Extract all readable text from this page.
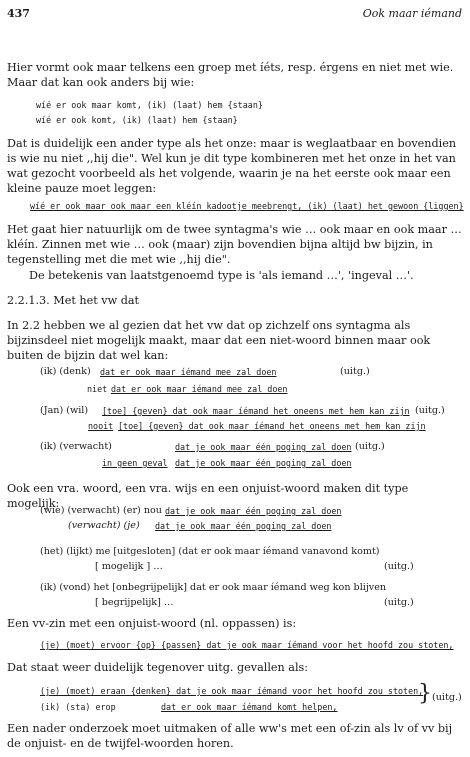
437	Ook maar iémand

Hier vormt ook maar telkens een groep met íéts, resp. érgens en niet met wie. Maar dat kan ook anders bij wie:

wíé er ook maar komt, (ik) (laat) hem {staan}
wíé er ook komt, (ik) (laat) hem {staan}

Dat is duidelijk een ander type als het onze: maar is weglaatbaar en bovendien is wie nu niet ,,hij die". Wel kun je dit type kombineren met het onze in het van wat gezocht voorbeeld als het volgende, waarin je na het eerste ook maar een kleine pauze moet leggen:

wíé er ook maar ook maar een kléín kadootje meebrengt, (ik) (laat) het gewoon {liggen}

Het gaat hier natuurlijk om de twee syntagma's wie … ook maar en ook maar … kléín. Zinnen met wie … ook (maar) zijn bovendien bijna altijd bw bijzin, in tegenstelling met die met wie ,,hij die".

De betekenis van laatstgenoemd type is 'als iemand …', 'ingeval …'.

2.2.1.3. Met het vw dat

In 2.2 hebben we al gezien dat het vw dat op zichzelf ons syntagma als bijzinsdeel niet mogelijk maakt, maar dat een niet-woord binnen maar ook buiten de bijzin dat wel kan:

(ik) (denk) dat er ook maar íémand mee zal doen	(uitg.)
niet dat er ook maar íémand mee zal doen
(Jan) (wil) [toe] {geven} dat ook maar íémand het oneens met hem kan zijn (uitg.)
nooit [toe] {geven} dat ook maar íémand het oneens met hem kan zijn
(ik) (verwacht)	dat je ook maar één poging zal doen (uitg.)
in geen geval dat je ook maar één poging zal doen

Ook een vra. woord, een vra. wijs en een onjuist-woord maken dit type mogelijk:

(wie) (verwacht) (er) nou dat je ook maar één poging zal doen
(verwacht) (je) dat je ook maar één poging zal doen
(het) (lijkt) me [uitgesloten] (dat er ook maar íémand vanavond komt)
[ mogelijk ] …	(uitg.)
(ik) (vond) het [onbegrijpelijk] dat er ook maar íémand weg kon blijven
[ begrijpelijk] …	(uitg.)

Een vv-zin met een onjuist-woord (nl. oppassen) is:

(je) (moet) ervoor {op} {passen} dat je ook maar íémand voor het hoofd zou stoten,

Dat staat weer duidelijk tegenover uitg. gevallen als:

(je) (moet) eraan {denken} dat je ook maar íémand voor het hoofd zou stoten,
(ik) (sta) erop	dat er ook maar íémand komt helpen,
} (uitg.)

Een nader onderzoek moet uitmaken of alle ww's met een of-zin als lv of vv bij de onjuist- en de twijfel-woorden horen.
